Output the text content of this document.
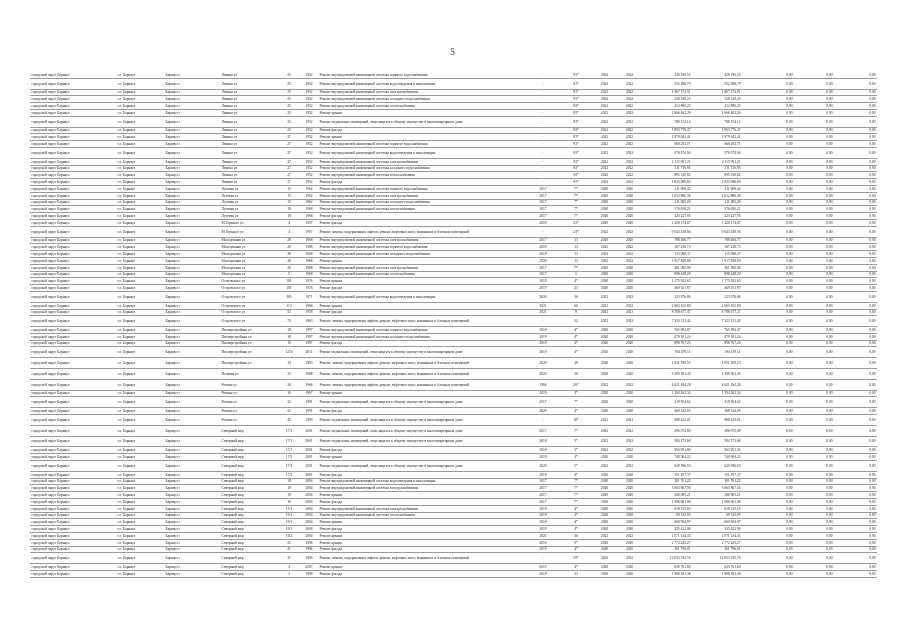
5
городской округ Барнаул	г.о. Барнаул	Барнаул г	Ленина ул	25	1952	Ремонт внутридомовой инженерной системы горячего водоснабжения	-	93*	2022	2022	428 190,55	428 190,55	0,00	0,00	0,00
городской округ Барнаул	г.о. Барнаул	Барнаул г	Ленина ул	25	1952	Ремонт внутридомовой инженерной системы водоотведения и канализации	-	93*	2022	2022	552 388,79	552 388,79	0,00	0,00	0,00
городской округ Барнаул	г.о. Барнаул	Барнаул г	Ленина ул	25	1952	Ремонт внутридомовой инженерной системы электроснабжения	-	93*	2022	2022	1 967 174,91	1 967 174,91	0,00	0,00	0,00
городской округ Барнаул	г.о. Барнаул	Барнаул г	Ленина ул	25	1952	Ремонт внутридомовой инженерной системы холодного водоснабжения	-	93*	2022	2022	328 549,20	328 549,20	0,00	0,00	0,00
городской округ Барнаул	г.о. Барнаул	Барнаул г	Ленина ул	25	1952	Ремонт внутридомовой инженерной системы теплоснабжения	-	93*	2022	2022	412 890,25	412 890,25	0,00	0,00	0,00
городской округ Барнаул	г.о. Барнаул	Барнаул г	Ленина ул	25	1952	Ремонт крыши	-	93*	2022	2022	2 666 462,26	2 666 462,26	0,00	0,00	0,00
городской округ Барнаул	г.о. Барнаул	Барнаул г	Ленина ул	25	1952	Ремонт подвальных помещений, относящихся к общему имуществу в многоквартирном доме	-	93*	2022	2022	788 154,12	788 154,12	0,00	0,00	0,00
городской округ Барнаул	г.о. Барнаул	Барнаул г	Ленина ул	25	1952	Ремонт фасада	-	93*	2022	2022	1 893 776,47	1 893 776,47	0,00	0,00	0,00
городской округ Барнаул	г.о. Барнаул	Барнаул г	Ленина ул	27	1952	Ремонт крыши	-	93*	2022	2022	2 979 042,41	2 979 042,41	0,00	0,00	0,00
городской округ Барнаул	г.о. Барнаул	Барнаул г	Ленина ул	27	1952	Ремонт внутридомовой инженерной системы горячего водоснабжения	-	93*	2022	2022	668 292,71	668 292,71	0,00	0,00	0,00
городской округ Барнаул	г.о. Барнаул	Барнаул г	Ленина ул	27	1952	Ремонт внутридомовой инженерной системы водоотведения и канализации	-	93*	2022	2022	576 974,94	576 974,94	0,00	0,00	0,00
городской округ Барнаул	г.о. Барнаул	Барнаул г	Ленина ул	27	1952	Ремонт внутридомовой инженерной системы электроснабжения	-	93*	2022	2022	2 115 991,21	2 115 991,21	0,00	0,00	0,00
городской округ Барнаул	г.о. Барнаул	Барнаул г	Ленина ул	27	1952	Ремонт внутридомовой инженерной системы холодного водоснабжения	-	93*	2022	2022	511 716,95	511 716,95	0,00	0,00	0,00
городской округ Барнаул	г.о. Барнаул	Барнаул г	Ленина ул	27	1952	Ремонт внутридомовой инженерной системы теплоснабжения	-	93*	2022	2022	895 330,82	895 330,82	0,00	0,00	0,00
городской округ Барнаул	г.о. Барнаул	Барнаул г	Ленина ул	27	1952	Ремонт фасада	-	93*	2022	2022	1 823 096,83	1 823 096,83	0,00	0,00	0,00
городской округ Барнаул	г.о. Барнаул	Барнаул г	Лучевая ул	15	1962	Ремонт внутридомовой инженерной системы горячего водоснабжения	2017	7*	2020	2020	211 006,42	211 006,42	0,00	0,00	0,00
городской округ Барнаул	г.о. Барнаул	Барнаул г	Лучевая ул	15	1962	Ремонт внутридомовой инженерной системы электроснабжения	2017	7*	2020	2020	1 012 880,36	1 012 880,36	0,00	0,00	0,00
городской округ Барнаул	г.о. Барнаул	Барнаул г	Лучевая ул	15	1962	Ремонт внутридомовой инженерной системы холодного водоснабжения	2017	7*	2020	2020	211 005,20	211 005,20	0,00	0,00	0,00
городской округ Барнаул	г.о. Барнаул	Барнаул г	Лучевая ул	18	1968	Ремонт внутридомовой инженерной системы теплоснабжения	2017	7*	2020	2020	576 050,21	576 050,21	0,00	0,00	0,00
городской округ Барнаул	г.о. Барнаул	Барнаул г	Лучевая ул	18	1968	Ремонт фасада	2017	7*	2020	2020	223 227,95	223 227,95	0,00	0,00	0,00
городской округ Барнаул	г.о. Барнаул	Барнаул г	М.Горького ул	4	1957	Ремонт фасада	2018	23*	2020	2020	1 420 174,87	1 420 174,87	0,00	0,00	0,00
городской округ Барнаул	г.о. Барнаул	Барнаул г	М.Горького ул	4	1957	Ремонт, замена, модернизация лифтов, ремонт лифтовых шахт, машинных и блочных помещений	-	23*	2022	2022	9 643 338,56	9 643 338,56	0,00	0,00	0,00
городской округ Барнаул	г.о. Барнаул	Барнаул г	Молодежная ул	28	1968	Ремонт внутридомовой инженерной системы электроснабжения	2017	13	2020	2020	788 466,77	788 466,77	0,00	0,00	0,00
городской округ Барнаул	г.о. Барнаул	Барнаул г	Молодежная ул	28	1968	Ремонт внутридомовой инженерной системы горячего водоснабжения	2018	13	2022	2022	167 236,73	167 236,73	0,00	0,00	0,00
городской округ Барнаул	г.о. Барнаул	Барнаул г	Молодежная ул	28	1968	Ремонт внутридомовой инженерной системы холодного водоснабжения	2018	13	2022	2022	115 098,37	115 098,37	0,00	0,00	0,00
городской округ Барнаул	г.о. Барнаул	Барнаул г	Молодежная ул	28	1968	Ремонт крыши	2020	13	2022	2022	1 917 828,80	1 917 828,80	0,00	0,00	0,00
городской округ Барнаул	г.о. Барнаул	Барнаул г	Молодежная ул	30	1968	Ремонт внутридомовой инженерной системы электроснабжения	2017	7*	2020	2020	461 090,00	461 090,00	0,00	0,00	0,00
городской округ Барнаул	г.о. Барнаул	Барнаул г	Молодежная ул	5	1968	Ремонт внутридомовой инженерной системы теплоснабжения	2017	5	2020	2020	898 448,20	898 448,20	0,00	0,00	0,00
городской округ Барнаул	г.о. Барнаул	Барнаул г	Островского ул	101	1976	Ремонт крыши	2019	4*	2020	2020	1 175 922,65	1 175 922,65	0,00	0,00	0,00
городской округ Барнаул	г.о. Барнаул	Барнаул г	Островского ул	101	1976	Ремонт фасада	2019	23	2020	2020	469 551,97	469 551,97	0,00	0,00	0,00
городской округ Барнаул	г.о. Барнаул	Барнаул г	Островского ул	105	1971	Ремонт внутридомовой инженерной системы водоотведения и канализации	2020	16	2022	2022	223 976,86	223 976,86	0,00	0,00	0,00
городской округ Барнаул	г.о. Барнаул	Барнаул г	Островского ул	113	1966	Ремонт крыши	2021	60	2022	2022	2 663 165,80	2 663 165,80	0,00	0,00	0,00
городской округ Барнаул	г.о. Барнаул	Барнаул г	Островского ул	52	1958	Ремонт фасада	2021	8	2021	2021	8 788 677,47	8 788 677,47	0,00	0,00	0,00
городской округ Барнаул	г.о. Барнаул	Барнаул г	Островского ул	70	1963	Ремонт, замена, модернизация лифтов, ремонт лифтовых шахт, машинных и блочных помещений	-	32	2022	2022	7 323 121,42	7 323 121,42	0,00	0,00	0,00
городской округ Барнаул	г.о. Барнаул	Барнаул г	Пионерстройная ул	18	1997	Ремонт внутридомовой инженерной системы горячего водоснабжения	2019	4*	2020	2020	765 992,07	765 992,07	0,00	0,00	0,00
городской округ Барнаул	г.о. Барнаул	Барнаул г	Пионерстройная ул	18	1997	Ремонт внутридомовой инженерной системы холодного водоснабжения	2019	4*	2020	2020	479 181,24	479 181,24	0,00	0,00	0,00
городской округ Барнаул	г.о. Барнаул	Барнаул г	Пионерстройная ул	18	1997	Ремонт фасада	2019	4*	2020	2020	898 767,26	898 767,26	0,00	0,00	0,00
городской округ Барнаул	г.о. Барнаул	Барнаул г	Пионерстройная ул	127a	2011	Ремонт подвальных помещений, относящихся к общему имуществу в многоквартирном доме	2019	4*	2020	2020	194 479,11	194 479,11	0,00	0,00	0,00
городской округ Барнаул	г.о. Барнаул	Барнаул г	Пионерстройная ул	14	1993	Ремонт, замена, модернизация лифтов, ремонт лифтовых шахт, машинных и блочных помещений	2020	26	2020	2020	1 051 599,53	1 051 599,53	0,00	0,00	0,00
городской округ Барнаул	г.о. Барнаул	Барнаул г	Полевая ул	35	1988	Ремонт, замена, модернизация лифтов, ремонт лифтовых шахт, машинных и блочных помещений	2020	26	2020	2020	3 399 303,45	3 399 303,45	0,00	0,00	0,00
городской округ Барнаул	г.о. Барнаул	Барнаул г	Репина ул	20	1966	Ремонт, замена, модернизация лифтов, ремонт лифтовых шахт, машинных и блочных помещений	1966	26*	2022	2022	4 621 494,28	4 621 494,28	0,00	0,00	0,00
городской округ Барнаул	г.о. Барнаул	Барнаул г	Репина ул	16	1967	Ремонт крыши	2019	4*	2020	2020	1 394 362,34	1 394 362,34	0,00	0,00	0,00
городской округ Барнаул	г.о. Барнаул	Барнаул г	Репина ул	22	1991	Ремонт подвальных помещений, относящихся к общему имуществу в многоквартирном доме	2017	7*	2020	2020	319 954,62	319 954,62	0,00	0,00	0,00
городской округ Барнаул	г.о. Барнаул	Барнаул г	Репина ул	22	1991	Ремонт фасада	2020	4*	2020	2020	568 324,85	568 324,85	0,00	0,00	0,00
городской округ Барнаул	г.о. Барнаул	Барнаул г	Репина ул	45	1999	Ремонт подвальных помещений, относящихся к общему имуществу в многоквартирном доме	-	16*	2021	2021	988 423,01	988 423,01	0,00	0,00	0,00
городской округ Барнаул	г.о. Барнаул	Барнаул г	Северный мкр	17/1	2001	Ремонт подвальных помещений, относящихся к общему имуществу в многоквартирном доме	2017	7*	2022	2022	296 072,00	296 072,00	0,00	0,00	0,00
городской округ Барнаул	г.о. Барнаул	Барнаул г	Северный мкр	17/1	2001	Ремонт подвальных помещений, относящихся к общему имуществу в многоквартирном доме	2018	5*	2022	2022	584 373,68	584 373,68	0,00	0,00	0,00
городской округ Барнаул	г.о. Барнаул	Барнаул г	Северный мкр	17/1	2001	Ремонт фасада	2019	5*	2022	2022	563 951,94	563 951,94	0,00	0,00	0,00
городской округ Барнаул	г.о. Барнаул	Барнаул г	Северный мкр	17/2	2001	Ремонт крыши	2019	4*	2020	2020	740 904,22	740 904,22	0,00	0,00	0,00
городской округ Барнаул	г.о. Барнаул	Барнаул г	Северный мкр	17/2	2001	Ремонт подвальных помещений, относящихся к общему имуществу в многоквартирном доме	2020	5*	2022	2022	620 396,53	620 396,53	0,00	0,00	0,00
городской округ Барнаул	г.о. Барнаул	Барнаул г	Северный мкр	17/2	2001	Ремонт фасада	2019	4*	2020	2020	151 197,37	151 197,37	0,00	0,00	0,00
городской округ Барнаул	г.о. Барнаул	Барнаул г	Северный мкр	18	2004	Ремонт внутридомовой инженерной системы водоотведения и канализации	2017	7*	2020	2020	201 761,22	201 761,22	0,00	0,00	0,00
городской округ Барнаул	г.о. Барнаул	Барнаул г	Северный мкр	18	2004	Ремонт внутридомовой инженерной системы электроснабжения	2017	7*	2020	2020	3 663 867,56	3 663 867,56	0,00	0,00	0,00
городской округ Барнаул	г.о. Барнаул	Барнаул г	Северный мкр	18	2004	Ремонт крыши	2017	7*	2020	2020	268 085,21	268 085,21	0,00	0,00	0,00
городской округ Барнаул	г.о. Барнаул	Барнаул г	Северный мкр	18	2004	Ремонт фасада	2017	7*	2020	2020	1 096 661,06	1 096 661,06	0,00	0,00	0,00
городской округ Барнаул	г.о. Барнаул	Барнаул г	Северный мкр	19/1	2004	Ремонт внутридомовой инженерной системы электроснабжения	2019	4*	2020	2020	618 135,65	618 135,65	0,00	0,00	0,00
городской округ Барнаул	г.о. Барнаул	Барнаул г	Северный мкр	19/1	2004	Ремонт внутридомовой инженерной системы теплоснабжения	2019	4*	2020	2020	69 523,85	69 523,85	0,00	0,00	0,00
городской округ Барнаул	г.о. Барнаул	Барнаул г	Северный мкр	19/1	2004	Ремонт крыши	2019	4*	2020	2020	660 904,97	660 904,97	0,00	0,00	0,00
городской округ Барнаул	г.о. Барнаул	Барнаул г	Северный мкр	19/1	2004	Ремонт фасада	2019	4*	2020	2020	325 422,96	325 422,96	0,00	0,00	0,00
городской округ Барнаул	г.о. Барнаул	Барнаул г	Северный мкр	19/2	2004	Ремонт крыши	2021	36	2022	2022	1 071 134,33	1 071 134,33	0,00	0,00	0,00
городской округ Барнаул	г.о. Барнаул	Барнаул г	Северный мкр	21	1996	Ремонт крыши	2018	5*	2020	2020	2 772 245,27	2 772 245,27	0,00	0,00	0,00
городской округ Барнаул	г.о. Барнаул	Барнаул г	Северный мкр	21	1996	Ремонт фасада	2019	4*	2020	2020	361 796,01	361 796,01	0,00	0,00	0,00
городской округ Барнаул	г.о. Барнаул	Барнаул г	Северный мкр	21	1996	Ремонт, замена, модернизация лифтов, ремонт лифтовых шахт, машинных и блочных помещений	-	59*	2022	2022	12 053 335,76	12 053 335,76	0,00	0,00	0,00
городской округ Барнаул	г.о. Барнаул	Барнаул г	Северный мкр	3	2007	Ремонт крыши	2019	4*	2020	2020	635 761,80	635 761,80	0,00	0,00	0,00
городской округ Барнаул	г.о. Барнаул	Барнаул г	Северный мкр	3	1998	Ремонт фасада	2018	23	2020	2020	1 988 381,38	1 988 381,38	0,00	0,00	0,00
